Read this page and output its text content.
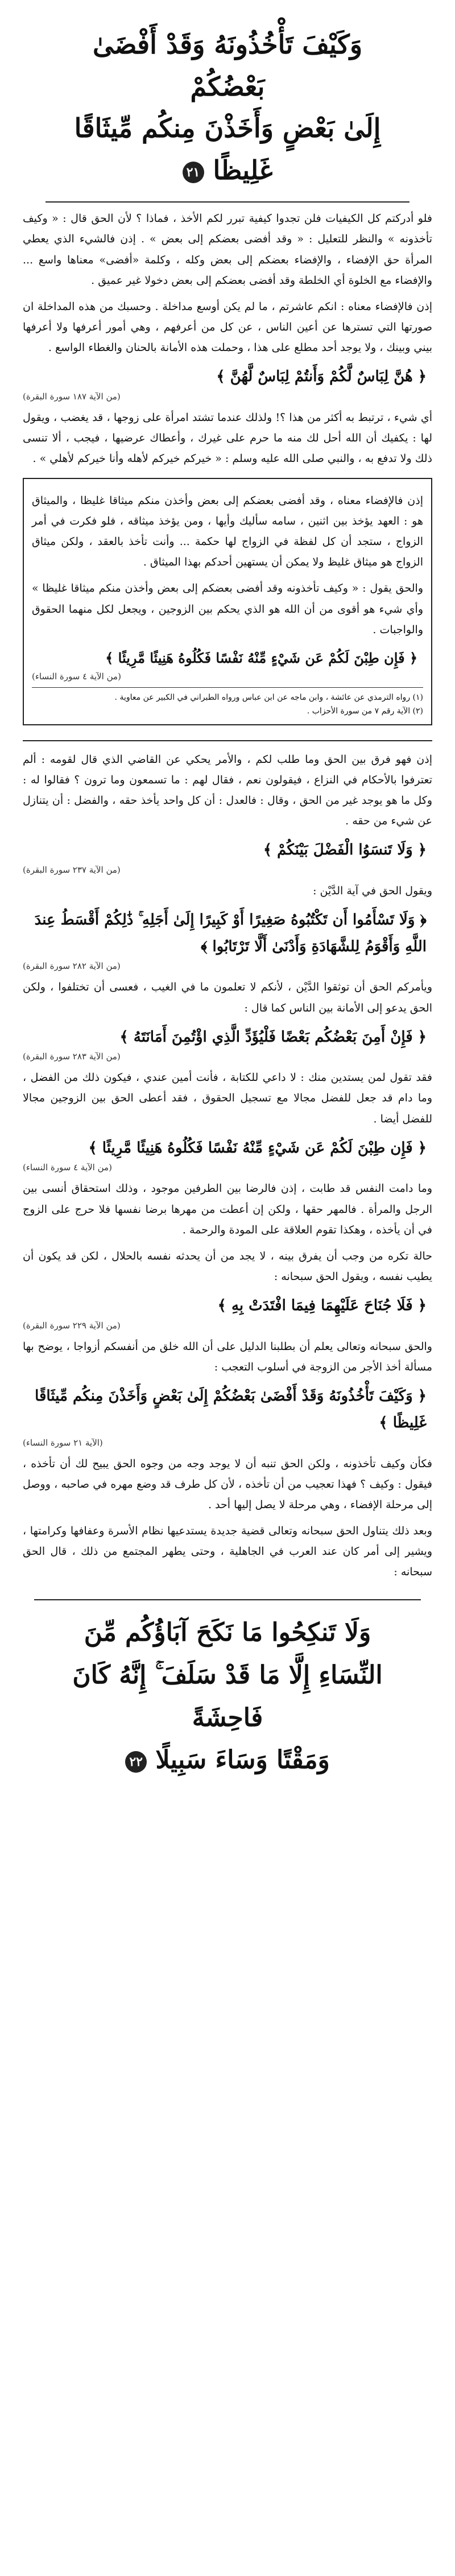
وَكَيْفَ تَأْخُذُونَهُ وَقَدْ أَفْضَىٰ بَعْضُكُمْ
إِلَىٰ بَعْضٍ وَأَخَذْنَ مِنكُم مِّيثَاقًا
غَلِيظًا ٢١

فلو أدركتم كل الكيفيات فلن تجدوا كيفية تبرر لكم الأخذ ، فماذا ؟ لأن الحق قال : « وكيف تأخذونه » والنظر للتعليل : « وقد أفضى بعضكم إلى بعض » . إذن فالشيء الذي يعطي المرأة حق الإفضاء ، والإفضاء بعضكم إلى بعض وكله ، وكلمة «أفضى» معناها واسع ... والإفضاء مع الخلوة أي الخلطة وقد أفضى بعضكم إلى بعض دخولا غير عميق .

إذن فالإفضاء معناه : انكم عاشرتم ، ما لم يكن أوسع مداخلة . وحسبك من هذه المداخلة ان صورتها التي تسترها عن أعين الناس ، عن كل من أعرفهم ، وهي أمور أعرفها ولا أعرفها بيني وبينك ، ولا يوجد أحد مطلع على هذا ، وحملت هذه الأمانة بالحنان والغطاء الواسع .

﴿ هُنَّ لِبَاسٌ لَّكُمْ وَأَنتُمْ لِبَاسٌ لَّهُنَّ ﴾
(من الآية ١٨٧ سورة البقرة)

أي شيء ، ترتبط به أكثر من هذا ؟! ولذلك عندما تشتد امرأة على زوجها ، قد يغضب ، ويقول لها : يكفيك أن الله أحل لك منه ما حرم على غيرك ، وأعطاك عرضيها ، فيجب ، ألا تنسى ذلك ولا تدفع به ، والنبي صلى الله عليه وسلم : « خيركم خيركم لأهله وأنا خيركم لأهلي » .

إذن فالإفضاء معناه ، وقد أفضى بعضكم إلى بعض وأخذن منكم ميثاقا غليظا ، والميثاق هو : العهد يؤخذ بين اثنين ، سامه سأليك وأيها ، ومن يؤخذ ميثاقه ، فلو فكرت في أمر الزواج ، ستجد أن كل لفظة في الزواج لها حكمة ... وأنت تأخذ بالعقد ، ولكن ميثاق الزواج هو ميثاق غليظ ولا يمكن أن يستهين أحدكم بهذا الميثاق .

والحق يقول : « وكيف تأخذونه وقد أفضى بعضكم إلى بعض وأخذن منكم ميثاقا غليظا » وأي شيء هو أقوى من أن الله هو الذي يحكم بين الزوجين ، ويجعل لكل منهما الحقوق والواجبات .

﴿ فَإِن طِبْنَ لَكُمْ عَن شَيْءٍ مِّنْهُ نَفْسًا فَكُلُوهُ هَنِيئًا مَّرِيئًا ﴾
(من الآية ٤ سورة النساء)
(١) رواه الترمذي عن عائشة ، وابن ماجه عن ابن عباس ورواه الطبراني في الكبير عن معاوية .
(٢) الآية رقم ٧ من سورة الأحزاب .

إذن فهو فرق بين الحق وما طلب لكم ، والأمر يحكي عن القاضي الذي قال لقومه : ألم تعترفوا بالأحكام في النزاع ، فيقولون نعم ، فقال لهم : ما تسمعون وما ترون ؟ فقالوا له : وكل ما هو يوجد غير من الحق ، وقال : فالعدل : أن كل واحد يأخذ حقه ، والفضل : أن يتنازل عن شيء من حقه .

﴿ وَلَا تَنسَوُا الْفَضْلَ بَيْنَكُمْ ﴾
(من الآية ٢٣٧ سورة البقرة)

ويقول الحق في آية الدَّيْن :

﴿ وَلَا تَسْأَمُوا أَن تَكْتُبُوهُ صَغِيرًا أَوْ كَبِيرًا إِلَىٰ أَجَلِهِ ۚ ذَٰلِكُمْ أَقْسَطُ عِندَ اللَّهِ وَأَقْوَمُ لِلشَّهَادَةِ وَأَدْنَىٰ أَلَّا تَرْتَابُوا ﴾
(من الآية ٢٨٢ سورة البقرة)

ويأمركم الحق أن توثقوا الدَّيْن ، لأنكم لا تعلمون ما في الغيب ، فعسى أن تختلفوا ، ولكن الحق يدعو إلى الأمانة بين الناس كما قال :

﴿ فَإِنْ أَمِنَ بَعْضُكُم بَعْضًا فَلْيُؤَدِّ الَّذِي اؤْتُمِنَ أَمَانَتَهُ ﴾
(من الآية ٢٨٣ سورة البقرة)

فقد تقول لمن يستدين منك : لا داعي للكتابة ، فأنت أمين عندي ، فيكون ذلك من الفضل ، وما دام قد جعل للفضل مجالا مع تسجيل الحقوق ، فقد أعطى الحق بين الزوجين مجالا للفضل أيضا .

﴿ فَإِن طِبْنَ لَكُمْ عَن شَيْءٍ مِّنْهُ نَفْسًا فَكُلُوهُ هَنِيئًا مَّرِيئًا ﴾
(من الآية ٤ سورة النساء)

وما دامت النفس قد طابت ، إذن فالرضا بين الطرفين موجود ، وذلك استحقاق أنسى بين الرجل والمرأة . فالمهر حقها ، ولكن إن أعطت من مهرها برضا نفسها فلا حرج على الزوج في أن يأخذه ، وهكذا تقوم العلاقة على المودة والرحمة .

حالة تكره من وجب أن يفرق بينه ، لا يجد من أن يحدثه نفسه بالحلال ، لكن قد يكون أن يطيب نفسه ، ويقول الحق سبحانه :

﴿ فَلَا جُنَاحَ عَلَيْهِمَا فِيمَا افْتَدَتْ بِهِ ﴾
(من الآية ٢٢٩ سورة البقرة)

والحق سبحانه وتعالى يعلم أن بطلبنا الدليل على أن الله خلق من أنفسكم أزواجا ، يوضح بها مسألة أخذ الأجر من الزوجة في أسلوب التعجب :

﴿ وَكَيْفَ تَأْخُذُونَهُ وَقَدْ أَفْضَىٰ بَعْضُكُمْ إِلَىٰ بَعْضٍ وَأَخَذْنَ مِنكُم مِّيثَاقًا غَلِيظًا ﴾
(الآية ٢١ سورة النساء)

فكأن وكيف تأخذونه ، ولكن الحق تنبه أن لا يوجد وجه من وجوه الحق يبيح لك أن تأخذه ، فيقول : وكيف ؟ فهذا تعجيب من أن تأخذه ، لأن كل طرف قد وضع مهره في صاحبه ، ووصل إلى مرحلة الإفضاء ، وهي مرحلة لا يصل إليها أحد .

وبعد ذلك يتناول الحق سبحانه وتعالى قضية جديدة يستدعيها نظام الأسرة وعفافها وكرامتها ، ويشير إلى أمر كان عند العرب في الجاهلية ، وحتى يطهر المجتمع من ذلك ، قال الحق سبحانه :

وَلَا تَنكِحُوا مَا نَكَحَ آبَاؤُكُم مِّنَ
النِّسَاءِ إِلَّا مَا قَدْ سَلَفَ ۚ إِنَّهُ كَانَ فَاحِشَةً
وَمَقْتًا وَسَاءَ سَبِيلًا ٢٢
